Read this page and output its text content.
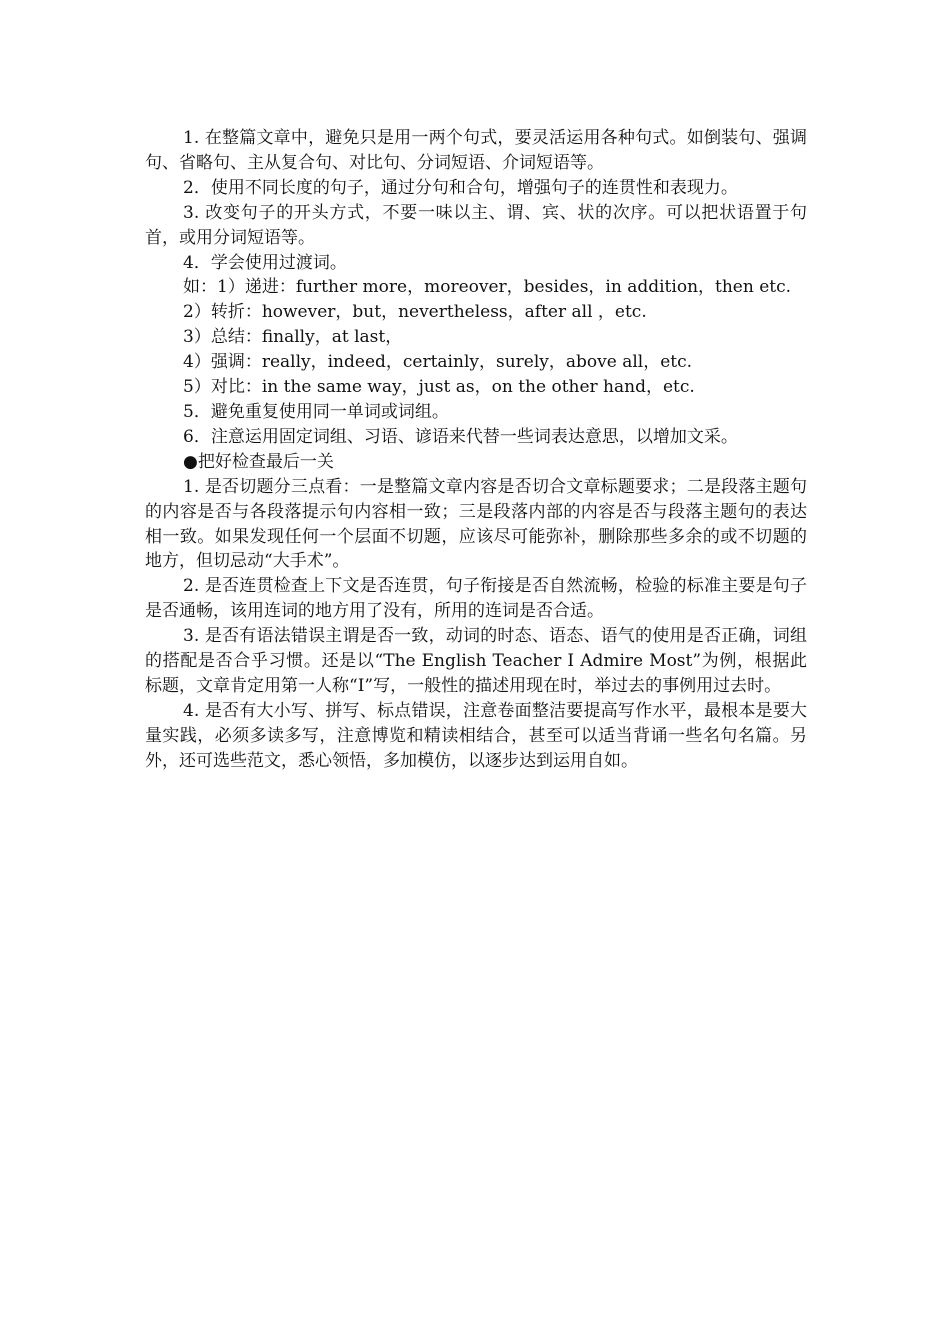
1. 在整篇文章中，避免只是用一两个句式，要灵活运用各种句式。如倒装句、强调句、省略句、主从复合句、对比句、分词短语、介词短语等。

2．使用不同长度的句子，通过分句和合句，增强句子的连贯性和表现力。

3. 改变句子的开头方式，不要一味以主、谓、宾、状的次序。可以把状语置于句首，或用分词短语等。

4．学会使用过渡词。

如：1）递进：further more，moreover，besides，in addition，then etc.

2）转折：however，but，nevertheless，after all ，etc.

3）总结：finally，at last，

4）强调：really，indeed，certainly，surely，above all，etc.

5）对比：in the same way，just as，on the other hand，etc.

5．避免重复使用同一单词或词组。

6．注意运用固定词组、习语、谚语来代替一些词表达意思，以增加文采。

●把好检查最后一关

1. 是否切题分三点看：一是整篇文章内容是否切合文章标题要求；二是段落主题句的内容是否与各段落提示句内容相一致；三是段落内部的内容是否与段落主题句的表达相一致。如果发现任何一个层面不切题，应该尽可能弥补，删除那些多余的或不切题的地方，但切忌动“大手术”。

2. 是否连贯检查上下文是否连贯，句子衔接是否自然流畅，检验的标准主要是句子是否通畅，该用连词的地方用了没有，所用的连词是否合适。

3. 是否有语法错误主谓是否一致，动词的时态、语态、语气的使用是否正确，词组的搭配是否合乎习惯。还是以“The English Teacher I Admire Most”为例，根据此标题，文章肯定用第一人称“I”写，一般性的描述用现在时，举过去的事例用过去时。

4. 是否有大小写、拼写、标点错误，注意卷面整洁要提高写作水平，最根本是要大量实践，必须多读多写，注意博览和精读相结合，甚至可以适当背诵一些名句名篇。另外，还可选些范文，悉心领悟，多加模仿，以逐步达到运用自如。
